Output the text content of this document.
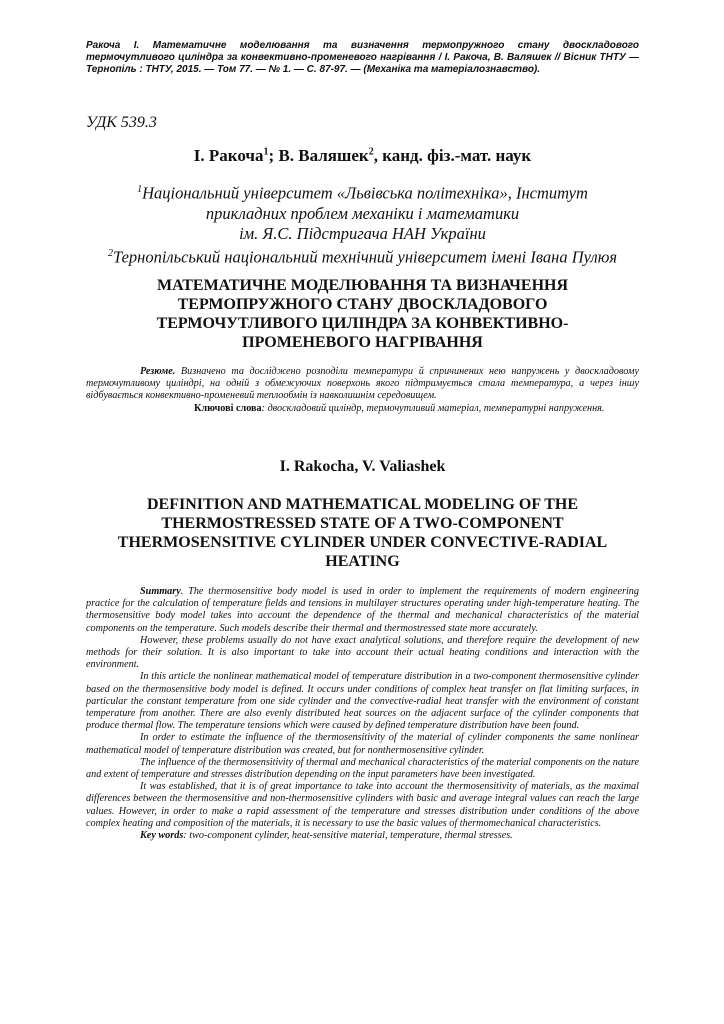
Ракоча І. Математичне моделювання та визначення термопружного стану двоскладового термочутливого циліндра за конвективно-променевого нагрівання / І. Ракоча, В. Валяшек // Вісник ТНТУ — Тернопіль : ТНТУ, 2015. — Том 77. — № 1. — С. 87-97. — (Механіка та матеріалознавство).

УДК 539.3

І. Ракоча$^1$; В. Валяшек$^2$, канд. фіз.-мат. наук

$^1$Національний університет «Львівська політехніка», Інститут
прикладних проблем механіки і математики
ім. Я.С. Підстригача НАН України
$^2$Тернопільський національний технічний університет імені Івана Пулюя
МАТЕМАТИЧНЕ МОДЕЛЮВАННЯ ТА ВИЗНАЧЕННЯ
ТЕРМОПРУЖНОГО СТАНУ ДВОСКЛАДОВОГО
ТЕРМОЧУТЛИВОГО ЦИЛІНДРА ЗА КОНВЕКТИВНО-
ПРОМЕНЕВОГО НАГРІВАННЯ

Резюме. Визначено та досліджено розподіли температури й спричинених нею напружень у двоскладовому термочутливому циліндрі, на одній з обмежуючих поверхонь якого підтримується стала температура, а через іншу відбувається конвективно-променевий теплообмін із навколишнім середовищем.

Ключові слова: двоскладовий циліндр, термочутливий матеріал, температурні напруження.

I. Rakocha, V. Valiashek

DEFINITION AND MATHEMATICAL MODELING OF THE
THERMOSTRESSED STATE OF A TWO-COMPONENT
THERMOSENSITIVE CYLINDER UNDER CONVECTIVE-RADIAL
HEATING

Summary. The thermosensitive body model is used in order to implement the requirements of modern engineering practice for the calculation of temperature fields and tensions in multilayer structures operating under high-temperature heating. The thermosensitive body model takes into account the dependence of the thermal and mechanical characteristics of the material components on the temperature. Such models describe their thermal and thermostressed state more accurately.

However, these problems usually do not have exact analytical solutions, and therefore require the development of new methods for their solution. It is also important to take into account their actual heating conditions and interaction with the environment.

In this article the nonlinear mathematical model of temperature distribution in a two-component thermosensitive cylinder based on the thermosensitive body model is defined. It occurs under conditions of complex heat transfer on flat limiting surfaces, in particular the constant temperature from one side cylinder and the convective-radial heat transfer with the environment of constant temperature from another. There are also evenly distributed heat sources on the adjacent surface of the cylinder components that produce thermal flow. The temperature tensions which were caused by defined temperature distribution have been found.

In order to estimate the influence of the thermosensitivity of the material of cylinder components the same nonlinear mathematical model of temperature distribution was created, but for nonthermosensitive cylinder.

The influence of the thermosensitivity of thermal and mechanical characteristics of the material components on the nature and extent of temperature and stresses distribution depending on the input parameters have been investigated.

It was established, that it is of great importance to take into account the thermosensitivity of materials, as the maximal differences between the thermosensitive and non-thermosensitive cylinders with basic and average integral values can reach the large values. However, in order to make a rapid assessment of the temperature and stresses distribution under conditions of the above complex heating and composition of the materials, it is necessary to use the basic values of thermomechanical characteristics.

Key words: two-component cylinder, heat-sensitive material, temperature, thermal stresses.
